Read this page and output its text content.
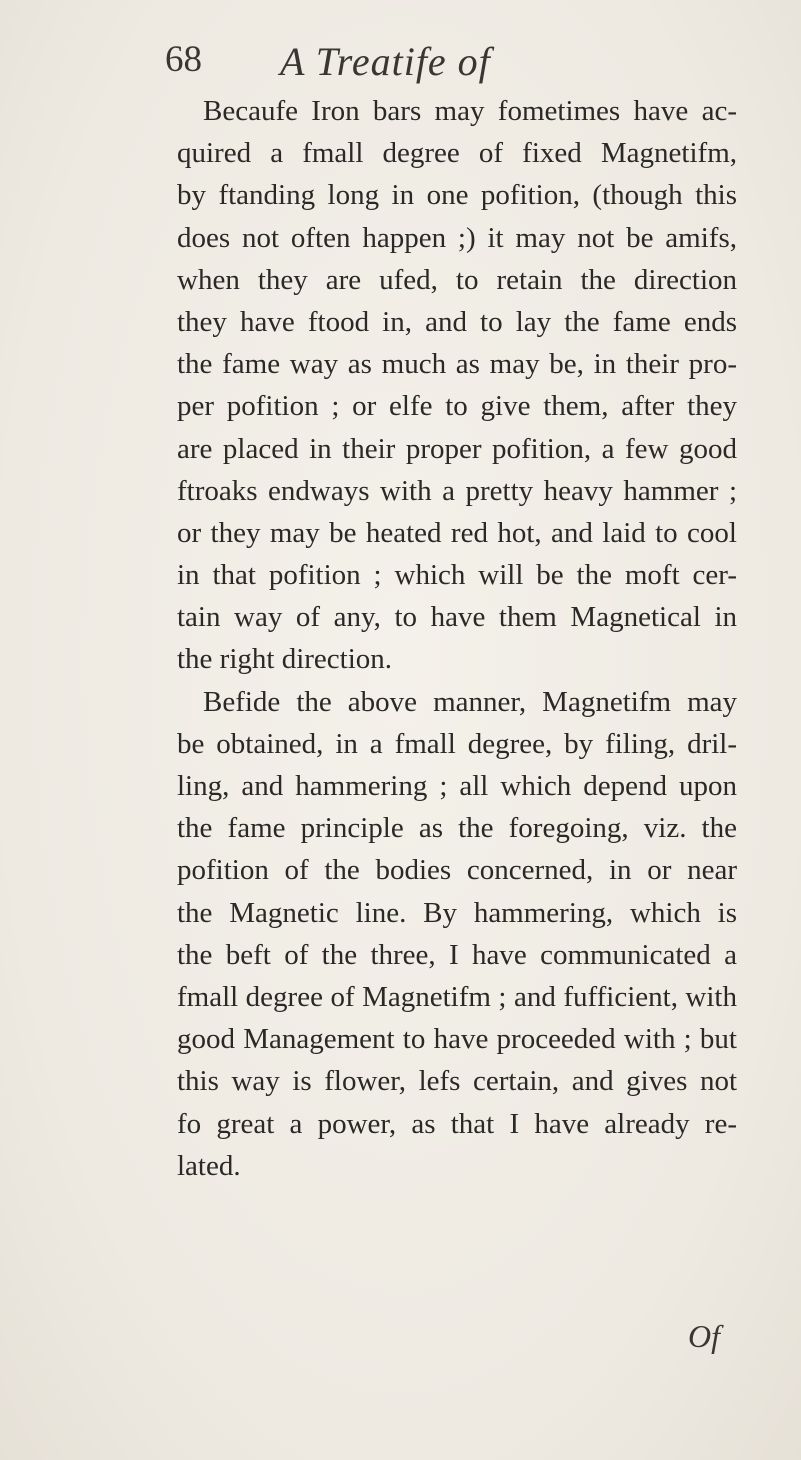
68 A Treatife of
Becaufe Iron bars may fometimes have ac-
quired a fmall degree of fixed Magnetifm,
by ftanding long in one pofition, (though this
does not often happen ;) it may not be amifs,
when they are ufed, to retain the direction
they have ftood in, and to lay the fame ends
the fame way as much as may be, in their pro-
per pofition ; or elfe to give them, after they
are placed in their proper pofition, a few good
ftroaks endways with a pretty heavy hammer ;
or they may be heated red hot, and laid to cool
in that pofition ; which will be the moft cer-
tain way of any, to have them Magnetical in
the right direction.
Befide the above manner, Magnetifm may
be obtained, in a fmall degree, by filing, dril-
ling, and hammering ; all which depend upon
the fame principle as the foregoing, viz. the
pofition of the bodies concerned, in or near
the Magnetic line. By hammering, which is
the beft of the three, I have communicated a
fmall degree of Magnetifm ; and fufficient, with
good Management to have proceeded with ; but
this way is flower, lefs certain, and gives not
fo great a power, as that I have already re-
lated.
Of
